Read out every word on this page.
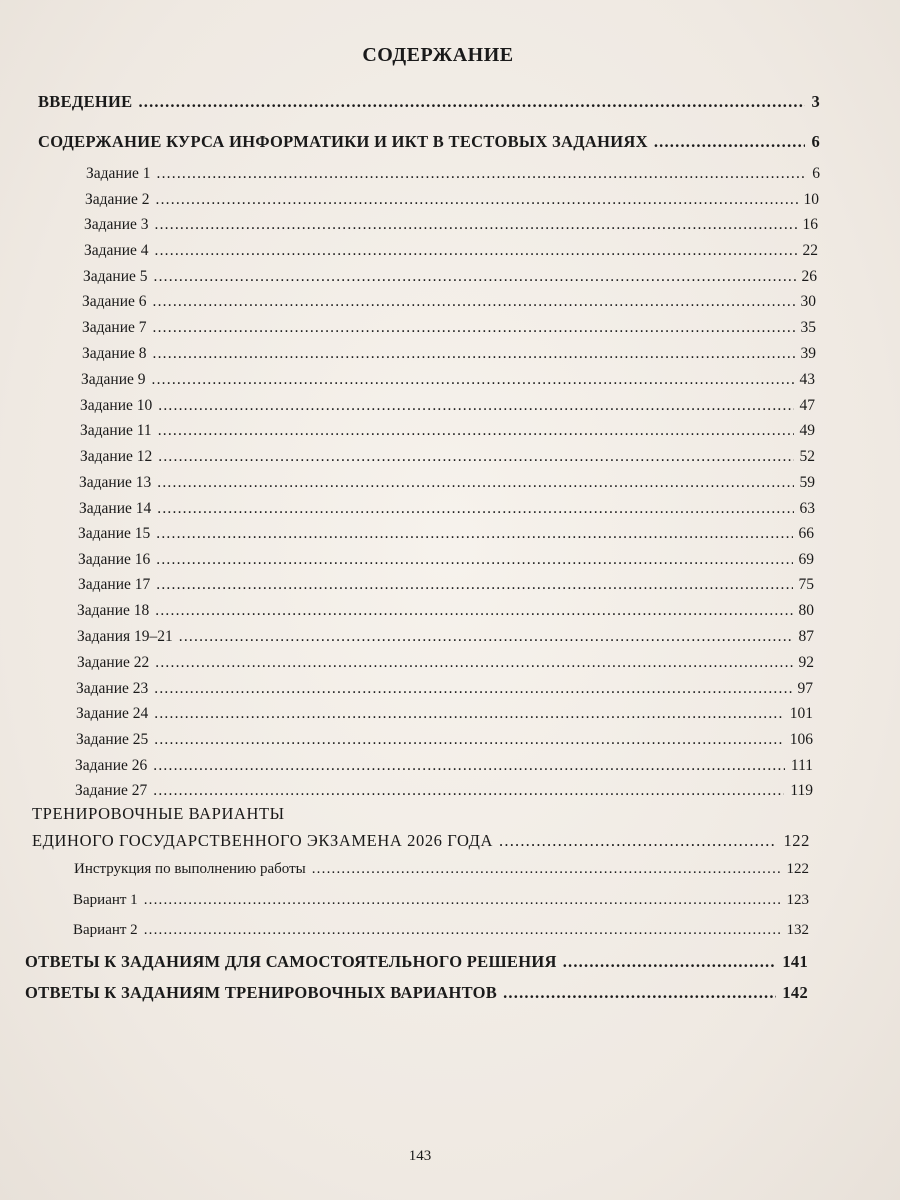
СОДЕРЖАНИЕ
ВВЕДЕНИЕ .....	3
СОДЕРЖАНИЕ КУРСА ИНФОРМАТИКИ И ИКТ В ТЕСТОВЫХ ЗАДАНИЯХ .....	6
Задание 1 .....	6
Задание 2 .....	10
Задание 3 .....	16
Задание 4 .....	22
Задание 5 .....	26
Задание 6 .....	30
Задание 7 .....	35
Задание 8 .....	39
Задание 9 .....	43
Задание 10 .....	47
Задание 11 .....	49
Задание 12 .....	52
Задание 13 .....	59
Задание 14 .....	63
Задание 15 .....	66
Задание 16 .....	69
Задание 17 .....	75
Задание 18 .....	80
Задания 19–21 .....	87
Задание 22 .....	92
Задание 23 .....	97
Задание 24 .....	101
Задание 25 .....	106
Задание 26 .....	111
Задание 27 .....	119
ТРЕНИРОВОЧНЫЕ ВАРИАНТЫ
ЕДИНОГО ГОСУДАРСТВЕННОГО ЭКЗАМЕНА 2026 ГОДА .....	122
Инструкция по выполнению работы .....	122
Вариант 1 .....	123
Вариант 2 .....	132
ОТВЕТЫ К ЗАДАНИЯМ ДЛЯ САМОСТОЯТЕЛЬНОГО РЕШЕНИЯ .....	141
ОТВЕТЫ К ЗАДАНИЯМ ТРЕНИРОВОЧНЫХ ВАРИАНТОВ .....	142
143
